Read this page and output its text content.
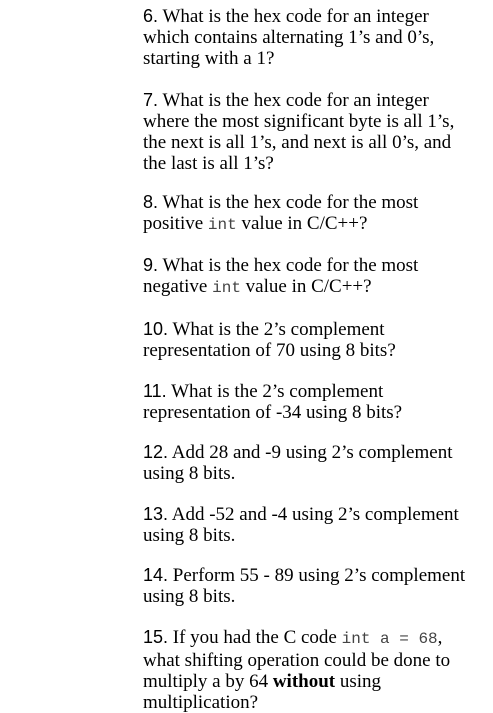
6. What is the hex code for an integer which contains alternating 1’s and 0’s, starting with a 1?

7. What is the hex code for an integer where the most significant byte is all 1’s, the next is all 1’s, and next is all 0’s, and the last is all 1’s?

8. What is the hex code for the most positive int value in C/C++?

9. What is the hex code for the most negative int value in C/C++?

10. What is the 2’s complement representation of 70 using 8 bits?

11. What is the 2’s complement representation of -34 using 8 bits?

12. Add 28 and -9 using 2’s complement using 8 bits.

13. Add -52 and -4 using 2’s complement using 8 bits.

14. Perform 55 - 89 using 2’s complement using 8 bits.

15. If you had the C code int a = 68, what shifting operation could be done to multiply a by 64 without using multiplication?
